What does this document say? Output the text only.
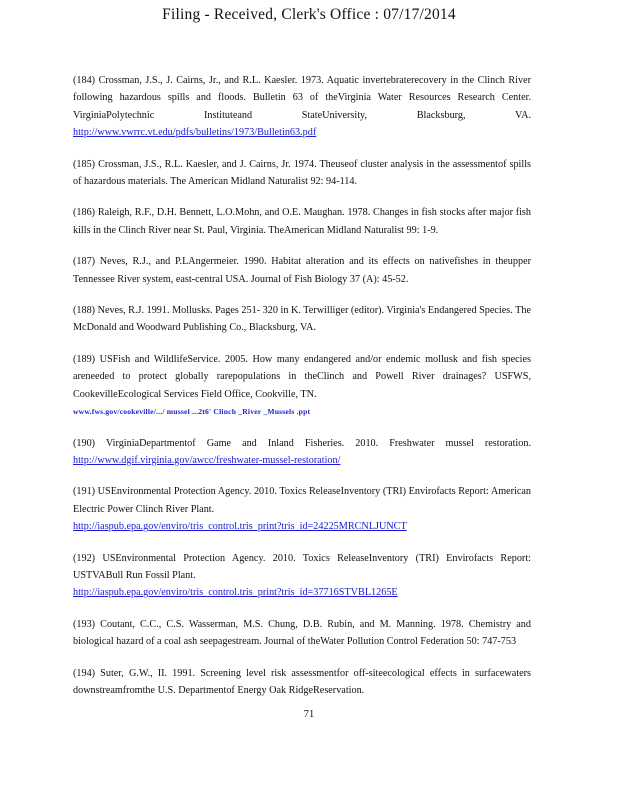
Filing - Received, Clerk's Office : 07/17/2014
(184) Crossman, J.S., J. Cairns, Jr., and R.L. Kaesler. 1973. Aquatic invertebraterecovery in the Clinch River following hazardous spills and floods. Bulletin 63 of theVirginia Water Resources Research Center. VirginiaPolytechnic Instituteand StateUniversity, Blacksburg, VA. http://www.vwrrc.vt.edu/pdfs/bulletins/1973/Bulletin63.pdf
(185) Crossman, J.S., R.L. Kaesler, and J. Cairns, Jr. 1974. Theuseof cluster analysis in the assessmentof spills of hazardous materials. The American Midland Naturalist 92: 94-114.
(186) Raleigh, R.F., D.H. Bennett, L.O.Mohn, and O.E. Maughan. 1978. Changes in fish stocks after major fish kills in the Clinch River near St. Paul, Virginia. TheAmerican Midland Naturalist 99: 1-9.
(187) Neves, R.J., and P.LAngermeier. 1990. Habitat alteration and its effects on nativefishes in theupper Tennessee River system, east-central USA. Journal of Fish Biology 37 (A): 45-52.
(188) Neves, R.J. 1991. Mollusks. Pages 251- 320 in K. Terwilliger (editor). Virginia's Endangered Species. The McDonald and Woodward Publishing Co., Blacksburg, VA.
(189) USFish and WildlifeService. 2005. How many endangered and/or endemic mollusk and fish species areneeded to protect globally rarepopulations in theClinch and Powell River drainages? USFWS, CookevilleEcological Services Field Office, Cookville, TN.
www.fws.gov/cookeville/.../ mussel ...2t6' Clinch _River _Mussels .ppt
(190) VirginiaDepartmentof Game and Inland Fisheries. 2010. Freshwater mussel restoration. http://www.dgif.virginia.gov/awcc/freshwater-mussel-restoration/
(191) USEnvironmental Protection Agency. 2010. Toxics ReleaseInventory (TRI) Envirofacts Report: American Electric Power Clinch River Plant.
http://iaspub.epa.gov/enviro/tris_control.tris_print?tris_id=24225MRCNLJUNCT
(192) USEnvironmental Protection Agency. 2010. Toxics ReleaseInventory (TRI) Envirofacts Report: USTVABull Run Fossil Plant.
http://iaspub.epa.gov/enviro/tris_control.tris_print?tris_id=37716STVBL1265E
(193) Coutant, C.C., C.S. Wasserman, M.S. Chung, D.B. Rubin, and M. Manning. 1978. Chemistry and biological hazard of a coal ash seepagestream. Journal of theWater Pollution Control Federation 50: 747-753
(194) Suter, G.W., II. 1991. Screening level risk assessmentfor off-siteecological effects in surfacewaters downstreamfromthe U.S. Departmentof Energy Oak RidgeReservation.
71
